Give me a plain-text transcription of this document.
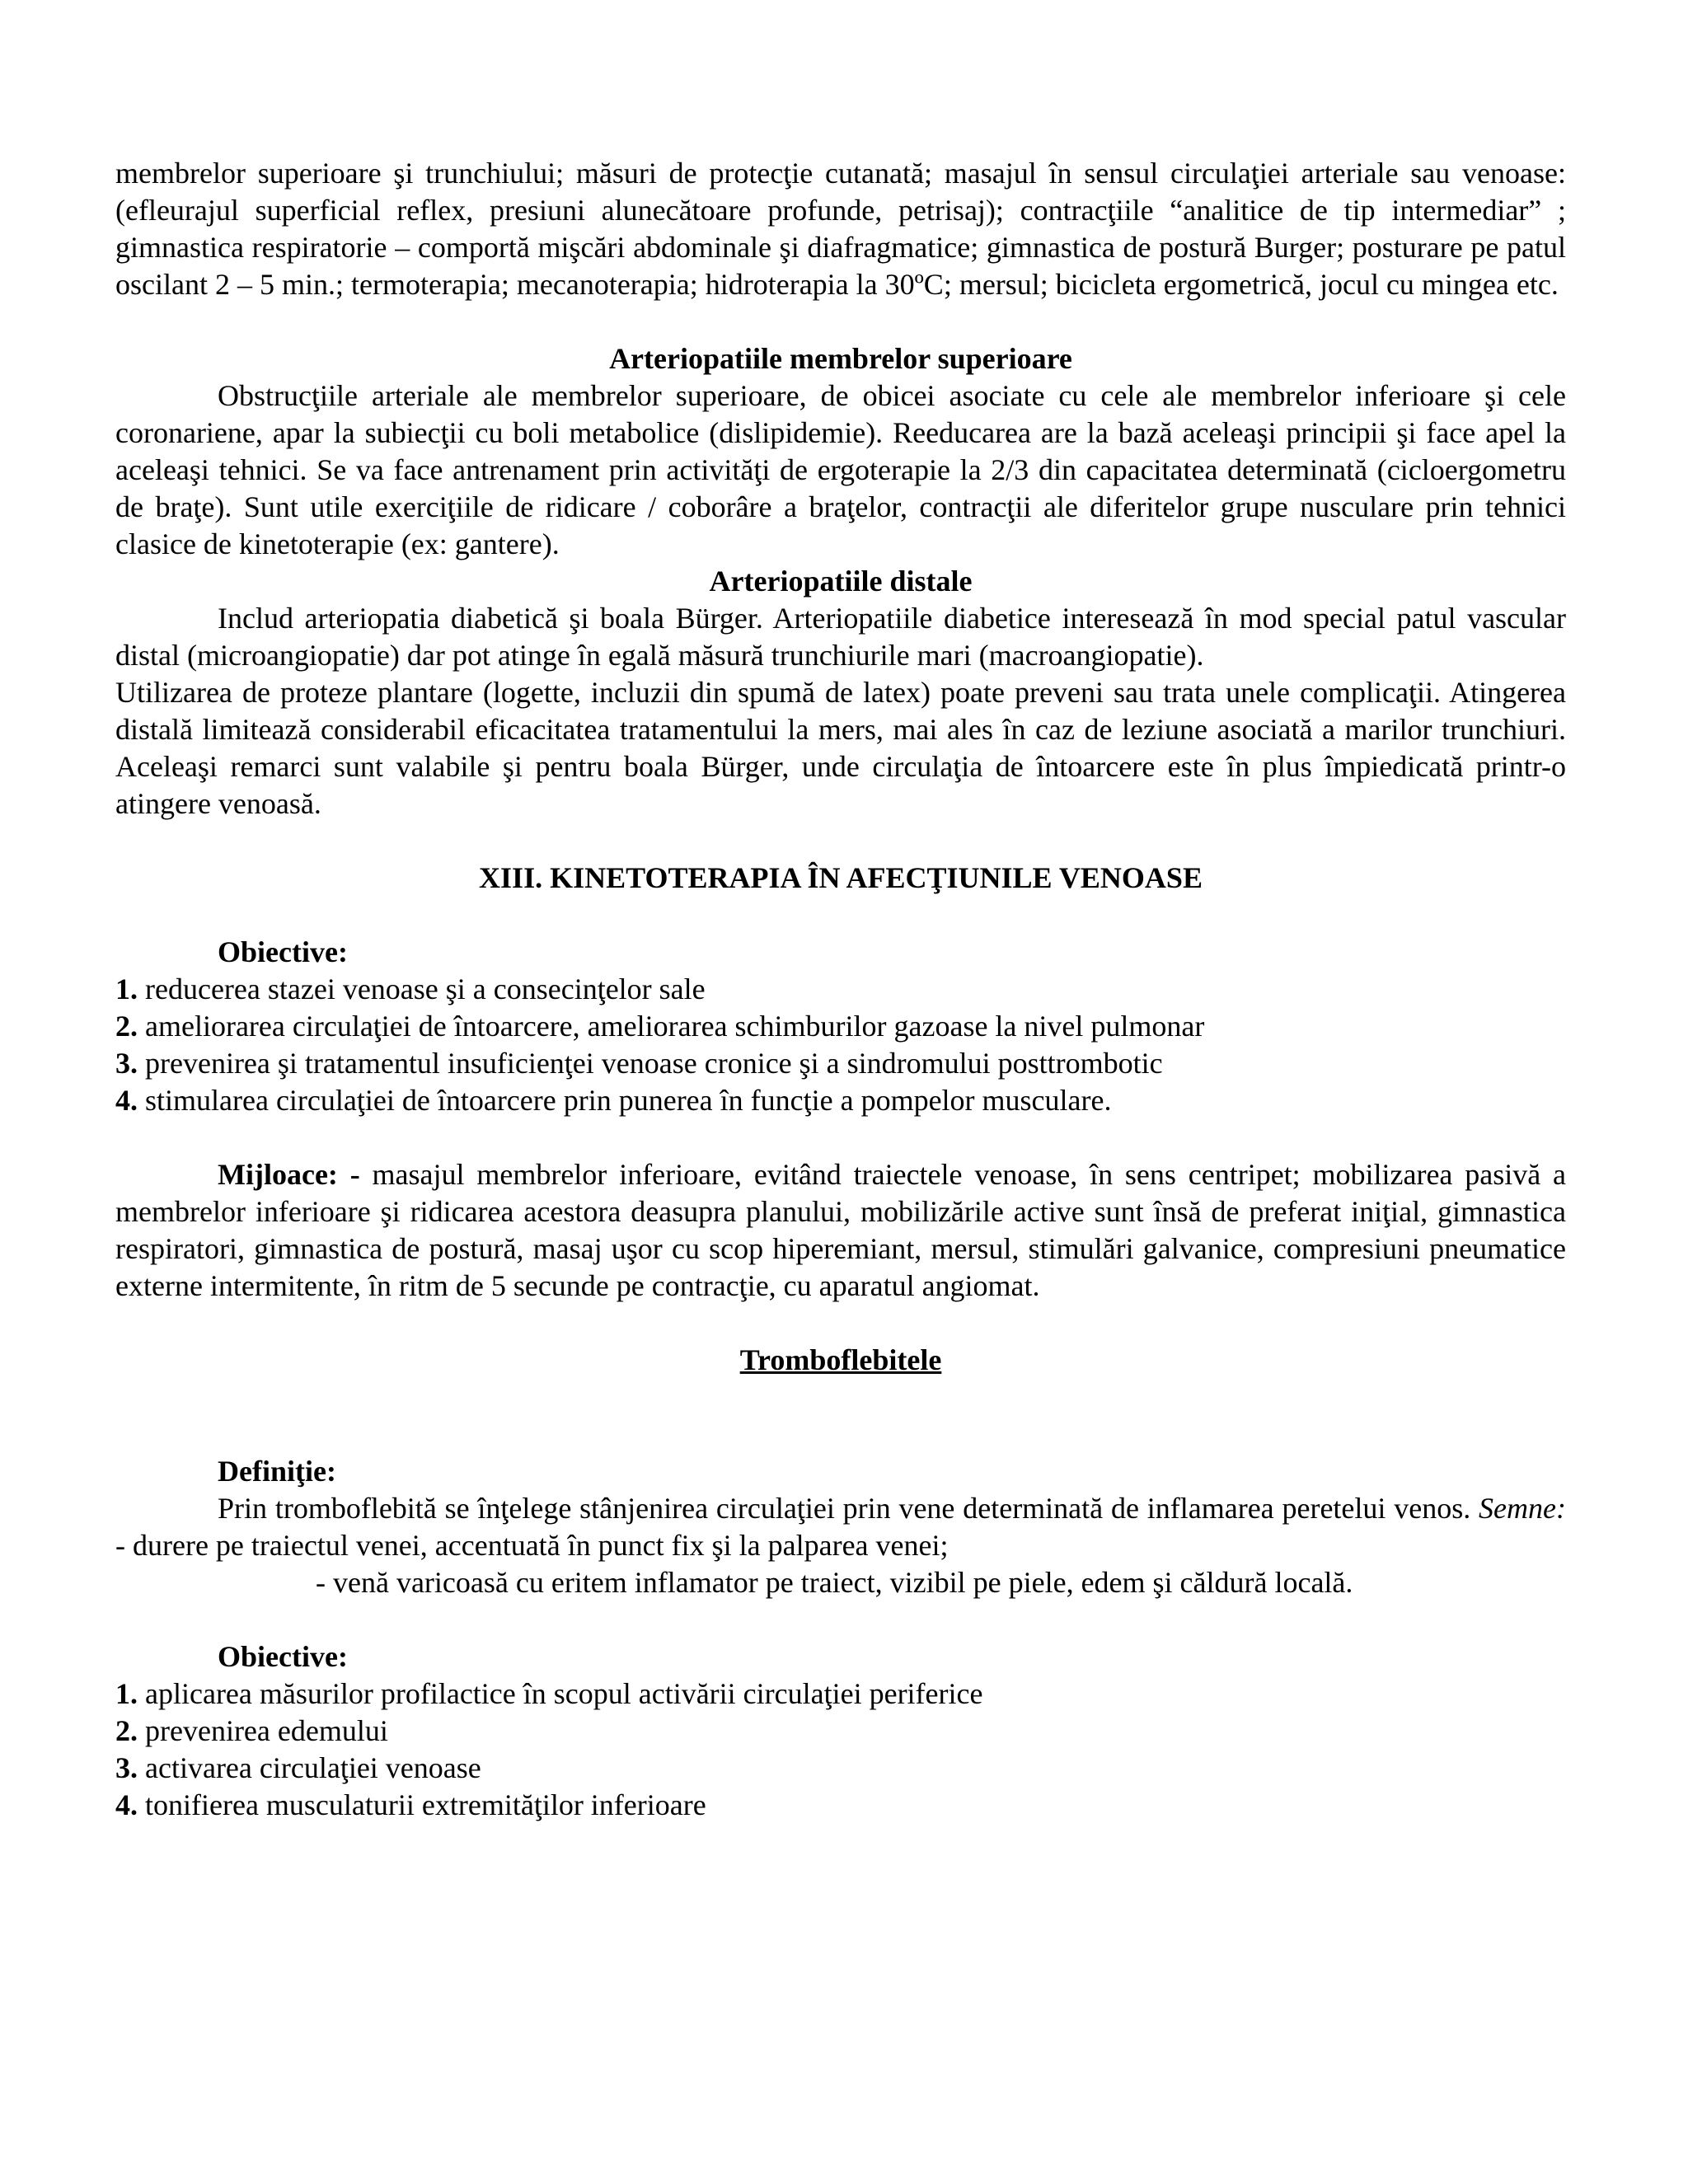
membrelor superioare şi trunchiului; măsuri de protecţie cutanată; masajul în sensul circulaţiei arteriale sau venoase: (efleurajul superficial reflex, presiuni alunecătoare profunde, petrisaj); contracţiile “analitice de tip intermediar” ; gimnastica respiratorie – comportă mişcări abdominale şi diafragmatice; gimnastica de postură Burger; posturare pe patul oscilant 2 – 5 min.; termoterapia; mecanoterapia; hidroterapia la 30ºC; mersul; bicicleta ergometrică, jocul cu mingea etc.

Arteriopatiile membrelor superioare

Obstrucţiile arteriale ale membrelor superioare, de obicei asociate cu cele ale membrelor inferioare şi cele coronariene, apar la subiecţii cu boli metabolice (dislipidemie). Reeducarea are la bază aceleaşi principii şi face apel la aceleaşi tehnici. Se va face antrenament prin activităţi de ergoterapie la 2/3 din capacitatea determinată (cicloergometru de braţe). Sunt utile exerciţiile de ridicare / coborâre a braţelor, contracţii ale diferitelor grupe nusculare prin tehnici clasice de kinetoterapie (ex: gantere).

Arteriopatiile distale

Includ arteriopatia diabetică şi boala Bürger. Arteriopatiile diabetice interesează în mod special patul vascular distal (microangiopatie) dar pot atinge în egală măsură trunchiurile mari (macroangiopatie).

Utilizarea de proteze plantare (logette, incluzii din spumă de latex) poate preveni sau trata unele complicaţii. Atingerea distală limitează considerabil eficacitatea tratamentului la mers, mai ales în caz de leziune asociată a marilor trunchiuri. Aceleaşi remarci sunt valabile şi pentru boala Bürger, unde circulaţia de întoarcere este în plus împiedicată printr-o atingere venoasă.

XIII. KINETOTERAPIA ÎN AFECŢIUNILE VENOASE

Obiective:

1. reducerea stazei venoase şi a consecinţelor sale

2. ameliorarea circulaţiei de întoarcere, ameliorarea schimburilor gazoase la nivel pulmonar

3. prevenirea şi tratamentul insuficienţei venoase cronice şi a sindromului posttrombotic

4. stimularea circulaţiei de întoarcere prin punerea în funcţie a pompelor musculare.

Mijloace: - masajul membrelor inferioare, evitând traiectele venoase, în sens centripet; mobilizarea pasivă a membrelor inferioare şi ridicarea acestora deasupra planului, mobilizările active sunt însă de preferat iniţial, gimnastica respiratori, gimnastica de postură, masaj uşor cu scop hiperemiant, mersul, stimulări galvanice, compresiuni pneumatice externe intermitente, în ritm de 5 secunde pe contracţie, cu aparatul angiomat.

Tromboflebitele

Definiţie:

Prin tromboflebită se înţelege stânjenirea circulaţiei prin vene determinată de inflamarea peretelui venos. Semne: - durere pe traiectul venei, accentuată în punct fix şi la palparea venei;

- venă varicoasă cu eritem inflamator pe traiect, vizibil pe piele, edem şi căldură locală.

Obiective:

1. aplicarea măsurilor profilactice în scopul activării circulaţiei periferice

2. prevenirea edemului

3. activarea circulaţiei venoase

4. tonifierea musculaturii extremităţilor inferioare
